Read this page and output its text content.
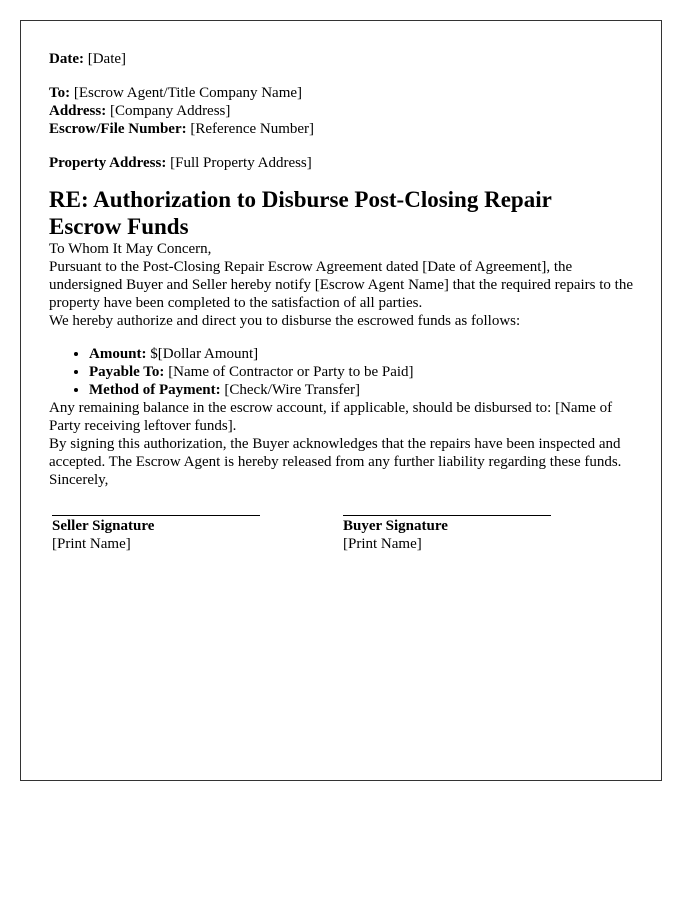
Date: [Date]
To: [Escrow Agent/Title Company Name]
Address: [Company Address]
Escrow/File Number: [Reference Number]
Property Address: [Full Property Address]
RE: Authorization to Disburse Post-Closing Repair
Escrow Funds

To Whom It May Concern,

Pursuant to the Post-Closing Repair Escrow Agreement dated [Date of Agreement], the undersigned Buyer and Seller hereby notify [Escrow Agent Name] that the required repairs to the property have been completed to the satisfaction of all parties.

We hereby authorize and direct you to disburse the escrowed funds as follows:

• Amount: $[Dollar Amount]
• Payable To: [Name of Contractor or Party to be Paid]
• Method of Payment: [Check/Wire Transfer]

Any remaining balance in the escrow account, if applicable, should be disbursed to: [Name of Party receiving leftover funds].

By signing this authorization, the Buyer acknowledges that the repairs have been inspected and accepted. The Escrow Agent is hereby released from any further liability regarding these funds.

Sincerely,

Seller Signature
[Print Name]
Buyer Signature
[Print Name]
